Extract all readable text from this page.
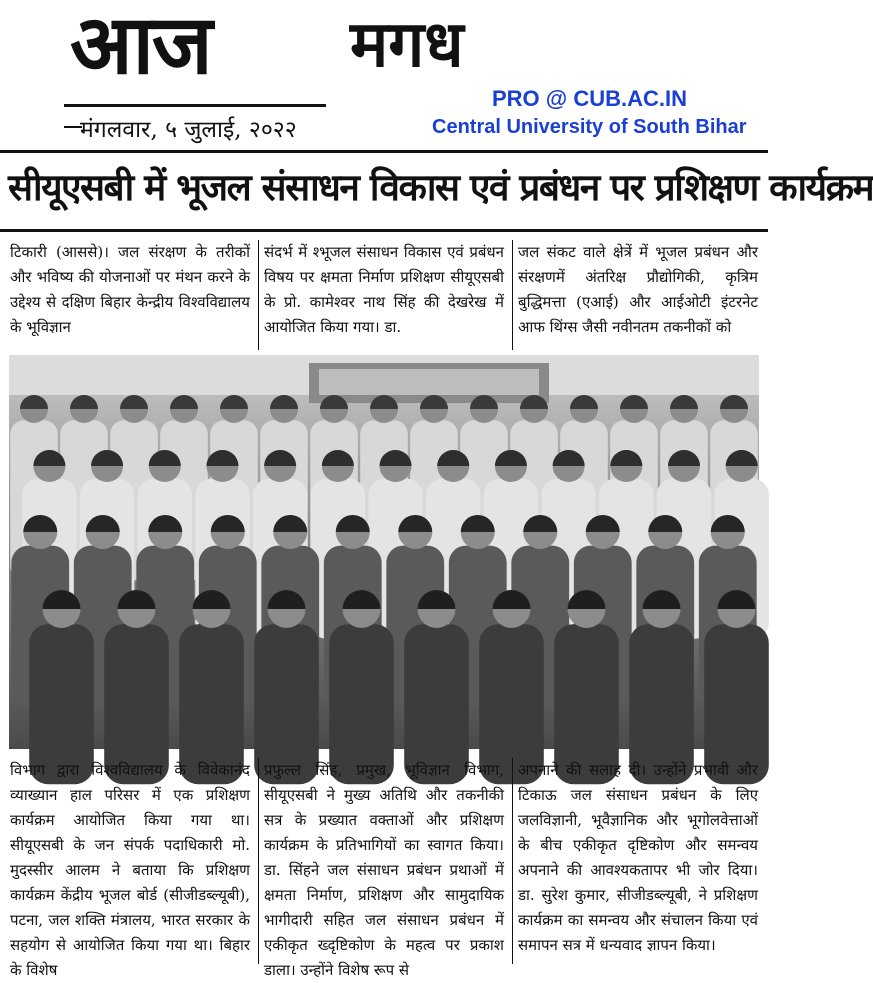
आज मगध
मंगलवार, ५ जुलाई, २०२२
PRO @ CUB.AC.IN
Central University of South Bihar
सीयूएसबी में भूजल संसाधन विकास एवं प्रबंधन पर प्रशिक्षण कार्यक्रम
टिकारी (आससे)। जल संरक्षण के तरीकों और भविष्य की योजनाओं पर मंथन करने के उद्देश्य से दक्षिण बिहार केन्द्रीय विश्वविद्यालय के भूविज्ञान
संदर्भ में श्भूजल संसाधन विकास एवं प्रबंधन विषय पर क्षमता निर्माण प्रशिक्षण सीयूएसबी के प्रो. कामेश्वर नाथ सिंह की देखरेख में आयोजित किया गया। डा.
जल संकट वाले क्षेत्रें में भूजल प्रबंधन और संरक्षणमें अंतरिक्ष प्रौद्योगिकी, कृत्रिम बुद्धिमत्ता (एआई) और आईओटी इंटरनेट आफ थिंग्स जैसी नवीनतम तकनीकों को
विभाग द्वारा विश्वविद्यालय के विवेकानंद व्याख्यान हाल परिसर में एक प्रशिक्षण कार्यक्रम आयोजित किया गया था। सीयूएसबी के जन संपर्क पदाधिकारी मो. मुदस्सीर आलम ने बताया कि प्रशिक्षण कार्यक्रम केंद्रीय भूजल बोर्ड (सीजीडब्ल्यूबी), पटना, जल शक्ति मंत्रालय, भारत सरकार के सहयोग से आयोजित किया गया था। बिहार के विशेष
प्रफुल्ल सिंह, प्रमुख, भूविज्ञान विभाग, सीयूएसबी ने मुख्य अतिथि और तकनीकी सत्र के प्रख्यात वक्ताओं और प्रशिक्षण कार्यक्रम के प्रतिभागियों का स्वागत किया। डा. सिंहने जल संसाधन प्रबंधन प्रथाओं में क्षमता निर्माण, प्रशिक्षण और सामुदायिक भागीदारी सहित जल संसाधन प्रबंधन में एकीकृत ख्दृष्टिकोण के महत्व पर प्रकाश डाला। उन्होंने विशेष रूप से
अपनाने की सलाह दी। उन्होंने प्रभावी और टिकाऊ जल संसाधन प्रबंधन के लिए जलविज्ञानी, भूवैज्ञानिक और भूगोलवेत्ताओं के बीच एकीकृत दृष्टिकोण और समन्वय अपनाने की आवश्यकतापर भी जोर दिया। डा. सुरेश कुमार, सीजीडब्ल्यूबी, ने प्रशिक्षण कार्यक्रम का समन्वय और संचालन किया एवं समापन सत्र में धन्यवाद ज्ञापन किया।
